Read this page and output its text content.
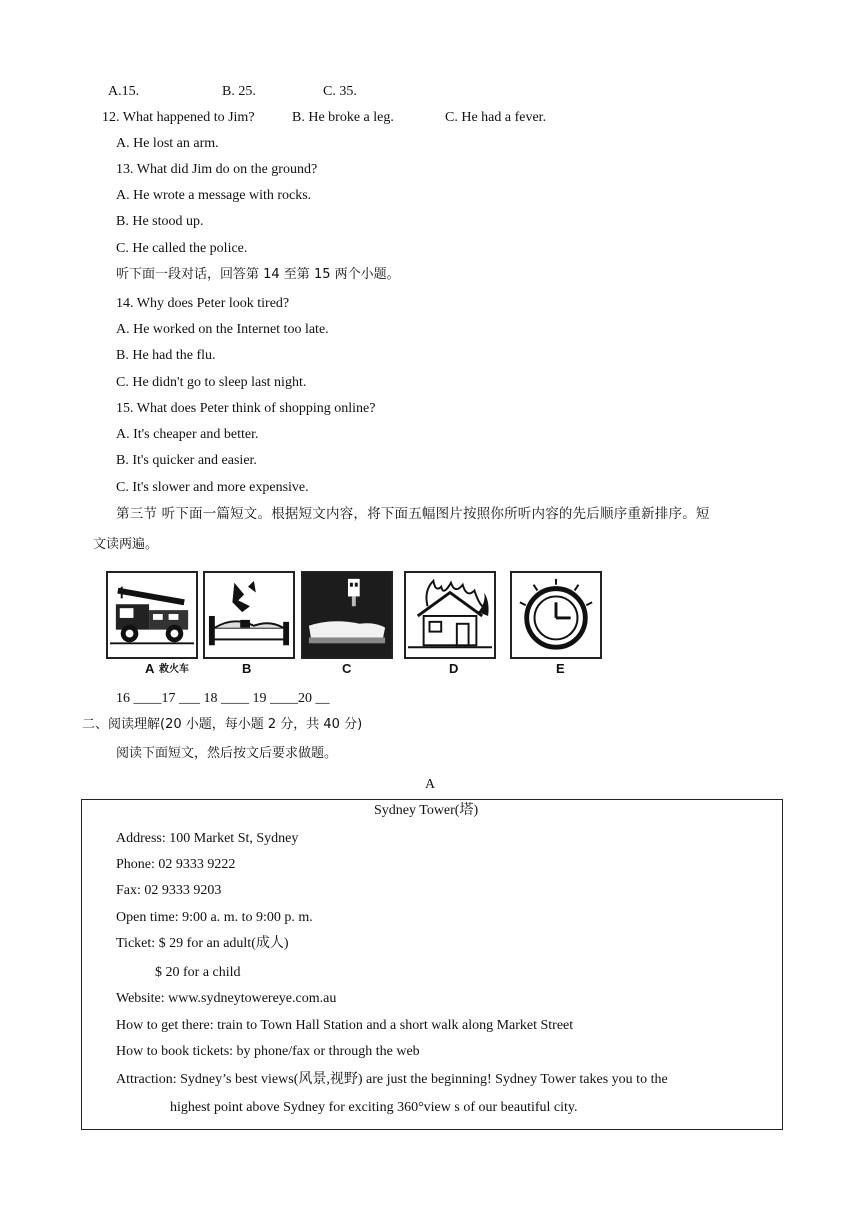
A.15.	B. 25.	C. 35.
12. What happened to Jim?	B. He broke a leg.	C. He had a fever.
A. He lost an arm.
13. What did Jim do on the ground?
A. He wrote a message with rocks.
B. He stood up.
C. He called the police.
听下面一段对话，回答第 14 至第 15 两个小题。
14. Why does Peter look tired?
A. He worked on the Internet too late.
B. He had the flu.
C. He didn't go to sleep last night.
15. What does Peter think of shopping online?
A. It's cheaper and better.
B. It's quicker and easier.
C. It's slower and more expensive.
第三节 听下面一篇短文。根据短文内容，将下面五幅图片按照你所听内容的先后顺序重新排序。短
文读两遍。
A 救火车	B	C	D	E
16 ____17 ___ 18 ____ 19 ____20 __
二、阅读理解(20 小题，每小题 2 分，共 40 分)
阅读下面短文，然后按文后要求做题。
A
Sydney Tower(塔)
Address: 100 Market St, Sydney
Phone: 02 9333 9222
Fax: 02 9333 9203
Open time: 9:00 a. m. to 9:00 p. m.
Ticket: $ 29 for an adult(成人)
$ 20 for a child
Website: www.sydneytowereye.com.au
How to get there: train to Town Hall Station and a short walk along Market Street
How to book tickets: by phone/fax or through the web
Attraction: Sydney’s best views(风景,视野) are just the beginning! Sydney Tower takes you to the
highest point above Sydney for exciting 360°view s of our beautiful city.
